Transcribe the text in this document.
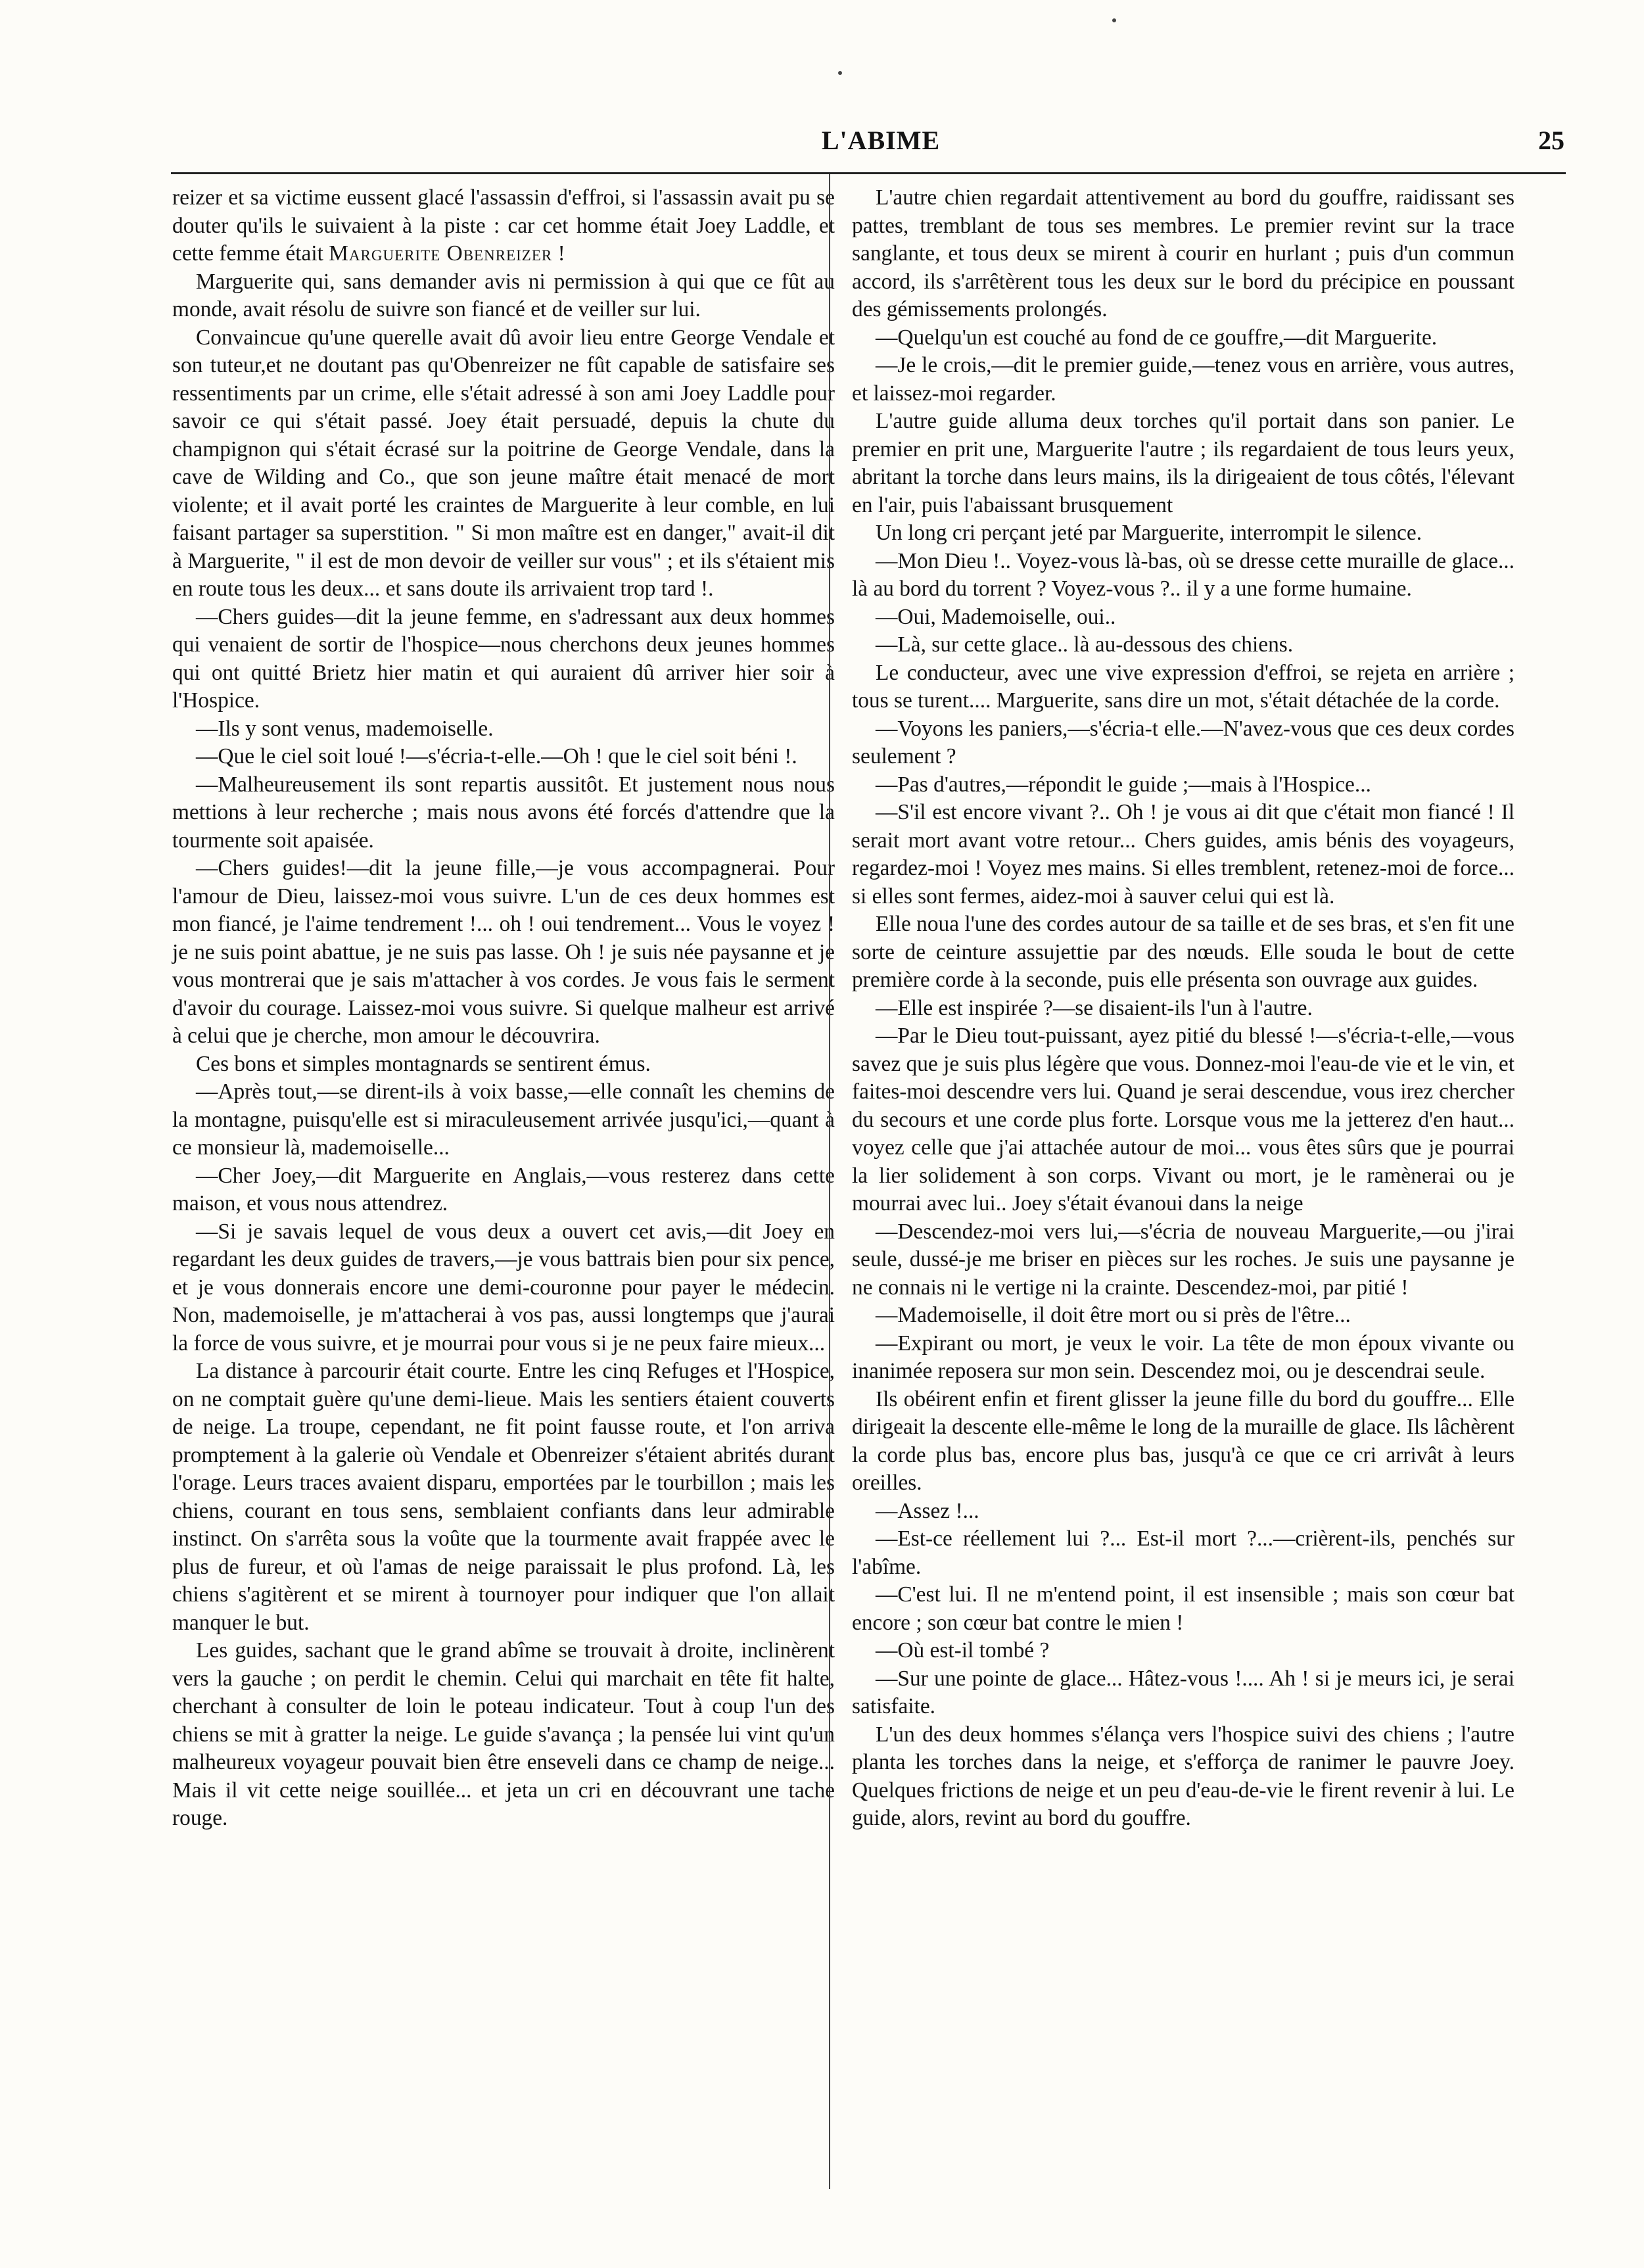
L'ABIME	25

reizer et sa victime eussent glacé l'assassin d'effroi, si l'assassin avait pu se douter qu'ils le suivaient à la piste : car cet homme était Joey Laddle, et cette femme était Marguerite Obenreizer !

Marguerite qui, sans demander avis ni permission à qui que ce fût au monde, avait résolu de suivre son fiancé et de veiller sur lui.

Convaincue qu'une querelle avait dû avoir lieu entre George Vendale et son tuteur,et ne doutant pas qu'Obenreizer ne fût capable de satisfaire ses ressentiments par un crime, elle s'était adressé à son ami Joey Laddle pour savoir ce qui s'était passé. Joey était persuadé, depuis la chute du champignon qui s'était écrasé sur la poitrine de George Vendale, dans la cave de Wilding and Co., que son jeune maître était menacé de mort violente; et il avait porté les craintes de Marguerite à leur comble, en lui faisant partager sa superstition. " Si mon maître est en danger," avait-il dit à Marguerite, " il est de mon devoir de veiller sur vous" ; et ils s'étaient mis en route tous les deux... et sans doute ils arrivaient trop tard !.

—Chers guides—dit la jeune femme, en s'adressant aux deux hommes qui venaient de sortir de l'hospice—nous cherchons deux jeunes hommes qui ont quitté Brietz hier matin et qui auraient dû arriver hier soir à l'Hospice.

—Ils y sont venus, mademoiselle.

—Que le ciel soit loué !—s'écria-t-elle.—Oh ! que le ciel soit béni !.

—Malheureusement ils sont repartis aussitôt. Et justement nous nous mettions à leur recherche ; mais nous avons été forcés d'attendre que la tourmente soit apaisée.

—Chers guides!—dit la jeune fille,—je vous accompagnerai. Pour l'amour de Dieu, laissez-moi vous suivre. L'un de ces deux hommes est mon fiancé, je l'aime tendrement !... oh ! oui tendrement... Vous le voyez ! je ne suis point abattue, je ne suis pas lasse. Oh ! je suis née paysanne et je vous montrerai que je sais m'attacher à vos cordes. Je vous fais le serment d'avoir du courage. Laissez-moi vous suivre. Si quelque malheur est arrivé à celui que je cherche, mon amour le découvrira.

Ces bons et simples montagnards se sentirent émus.

—Après tout,—se dirent-ils à voix basse,—elle connaît les chemins de la montagne, puisqu'elle est si miraculeusement arrivée jusqu'ici,—quant à ce monsieur là, mademoiselle...

—Cher Joey,—dit Marguerite en Anglais,—vous resterez dans cette maison, et vous nous attendrez.

—Si je savais lequel de vous deux a ouvert cet avis,—dit Joey en regardant les deux guides de travers,—je vous battrais bien pour six pence, et je vous donnerais encore une demi-couronne pour payer le médecin. Non, mademoiselle, je m'attacherai à vos pas, aussi longtemps que j'aurai la force de vous suivre, et je mourrai pour vous si je ne peux faire mieux...

La distance à parcourir était courte. Entre les cinq Refuges et l'Hospice, on ne comptait guère qu'une demi-lieue. Mais les sentiers étaient couverts de neige. La troupe, cependant, ne fit point fausse route, et l'on arriva promptement à la galerie où Vendale et Obenreizer s'étaient abrités durant l'orage. Leurs traces avaient disparu, emportées par le tourbillon ; mais les chiens, courant en tous sens, semblaient confiants dans leur admirable instinct. On s'arrêta sous la voûte que la tourmente avait frappée avec le plus de fureur, et où l'amas de neige paraissait le plus profond. Là, les chiens s'agitèrent et se mirent à tournoyer pour indiquer que l'on allait manquer le but.

Les guides, sachant que le grand abîme se trouvait à droite, inclinèrent vers la gauche ; on perdit le chemin. Celui qui marchait en tête fit halte, cherchant à consulter de loin le poteau indicateur. Tout à coup l'un des chiens se mit à gratter la neige. Le guide s'avança ; la pensée lui vint qu'un malheureux voyageur pouvait bien être enseveli dans ce champ de neige... Mais il vit cette neige souillée... et jeta un cri en découvrant une tache rouge.

L'autre chien regardait attentivement au bord du gouffre, raidissant ses pattes, tremblant de tous ses membres. Le premier revint sur la trace sanglante, et tous deux se mirent à courir en hurlant ; puis d'un commun accord, ils s'arrêtèrent tous les deux sur le bord du précipice en poussant des gémissements prolongés.

—Quelqu'un est couché au fond de ce gouffre,—dit Marguerite.

—Je le crois,—dit le premier guide,—tenez vous en arrière, vous autres, et laissez-moi regarder.

L'autre guide alluma deux torches qu'il portait dans son panier. Le premier en prit une, Marguerite l'autre ; ils regardaient de tous leurs yeux, abritant la torche dans leurs mains, ils la dirigeaient de tous côtés, l'élevant en l'air, puis l'abaissant brusquement

Un long cri perçant jeté par Marguerite, interrompit le silence.

—Mon Dieu !.. Voyez-vous là-bas, où se dresse cette muraille de glace... là au bord du torrent ? Voyez-vous ?.. il y a une forme humaine.

—Oui, Mademoiselle, oui..

—Là, sur cette glace.. là au-dessous des chiens.

Le conducteur, avec une vive expression d'effroi, se rejeta en arrière ; tous se turent.... Marguerite, sans dire un mot, s'était détachée de la corde.

—Voyons les paniers,—s'écria-t elle.—N'avez-vous que ces deux cordes seulement ?

—Pas d'autres,—répondit le guide ;—mais à l'Hospice...

—S'il est encore vivant ?.. Oh ! je vous ai dit que c'était mon fiancé ! Il serait mort avant votre retour... Chers guides, amis bénis des voyageurs, regardez-moi ! Voyez mes mains. Si elles tremblent, retenez-moi de force... si elles sont fermes, aidez-moi à sauver celui qui est là.

Elle noua l'une des cordes autour de sa taille et de ses bras, et s'en fit une sorte de ceinture assujettie par des nœuds. Elle souda le bout de cette première corde à la seconde, puis elle présenta son ouvrage aux guides.

—Elle est inspirée ?—se disaient-ils l'un à l'autre.

—Par le Dieu tout-puissant, ayez pitié du blessé !—s'écria-t-elle,—vous savez que je suis plus légère que vous. Donnez-moi l'eau-de vie et le vin, et faites-moi descendre vers lui. Quand je serai descendue, vous irez chercher du secours et une corde plus forte. Lorsque vous me la jetterez d'en haut... voyez celle que j'ai attachée autour de moi... vous êtes sûrs que je pourrai la lier solidement à son corps. Vivant ou mort, je le ramènerai ou je mourrai avec lui.. Joey s'était évanoui dans la neige

—Descendez-moi vers lui,—s'écria de nouveau Marguerite,—ou j'irai seule, dussé-je me briser en pièces sur les roches. Je suis une paysanne je ne connais ni le vertige ni la crainte. Descendez-moi, par pitié !

—Mademoiselle, il doit être mort ou si près de l'être...

—Expirant ou mort, je veux le voir. La tête de mon époux vivante ou inanimée reposera sur mon sein. Descendez moi, ou je descendrai seule.

Ils obéirent enfin et firent glisser la jeune fille du bord du gouffre... Elle dirigeait la descente elle-même le long de la muraille de glace. Ils lâchèrent la corde plus bas, encore plus bas, jusqu'à ce que ce cri arrivât à leurs oreilles.

—Assez !...

—Est-ce réellement lui ?... Est-il mort ?...—crièrent-ils, penchés sur l'abîme.

—C'est lui. Il ne m'entend point, il est insensible ; mais son cœur bat encore ; son cœur bat contre le mien !

—Où est-il tombé ?

—Sur une pointe de glace... Hâtez-vous !.... Ah ! si je meurs ici, je serai satisfaite.

L'un des deux hommes s'élança vers l'hospice suivi des chiens ; l'autre planta les torches dans la neige, et s'efforça de ranimer le pauvre Joey. Quelques frictions de neige et un peu d'eau-de-vie le firent revenir à lui. Le guide, alors, revint au bord du gouffre.
